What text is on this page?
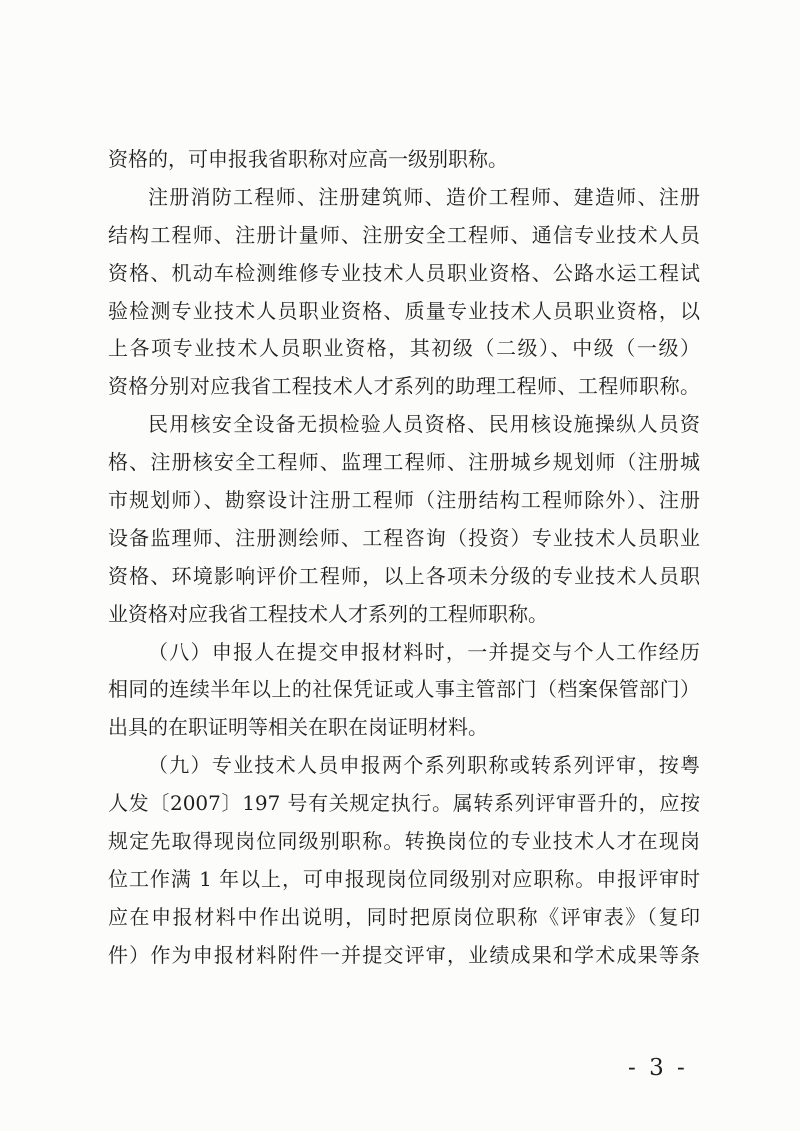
资格的，可申报我省职称对应高一级别职称。
注册消防工程师、注册建筑师、造价工程师、建造师、注册
结构工程师、注册计量师、注册安全工程师、通信专业技术人员
资格、机动车检测维修专业技术人员职业资格、公路水运工程试
验检测专业技术人员职业资格、质量专业技术人员职业资格，以
上各项专业技术人员职业资格，其初级（二级）、中级（一级）
资格分别对应我省工程技术人才系列的助理工程师、工程师职称。
民用核安全设备无损检验人员资格、民用核设施操纵人员资
格、注册核安全工程师、监理工程师、注册城乡规划师（注册城
市规划师）、勘察设计注册工程师（注册结构工程师除外）、注册
设备监理师、注册测绘师、工程咨询（投资）专业技术人员职业
资格、环境影响评价工程师，以上各项未分级的专业技术人员职
业资格对应我省工程技术人才系列的工程师职称。
（八）申报人在提交申报材料时，一并提交与个人工作经历
相同的连续半年以上的社保凭证或人事主管部门（档案保管部门）
出具的在职证明等相关在职在岗证明材料。
（九）专业技术人员申报两个系列职称或转系列评审，按粤
人发〔2007〕197 号有关规定执行。属转系列评审晋升的，应按
规定先取得现岗位同级别职称。转换岗位的专业技术人才在现岗
位工作满 1 年以上，可申报现岗位同级别对应职称。申报评审时
应在申报材料中作出说明，同时把原岗位职称《评审表》（复印
件）作为申报材料附件一并提交评审，业绩成果和学术成果等条
- 3 -
